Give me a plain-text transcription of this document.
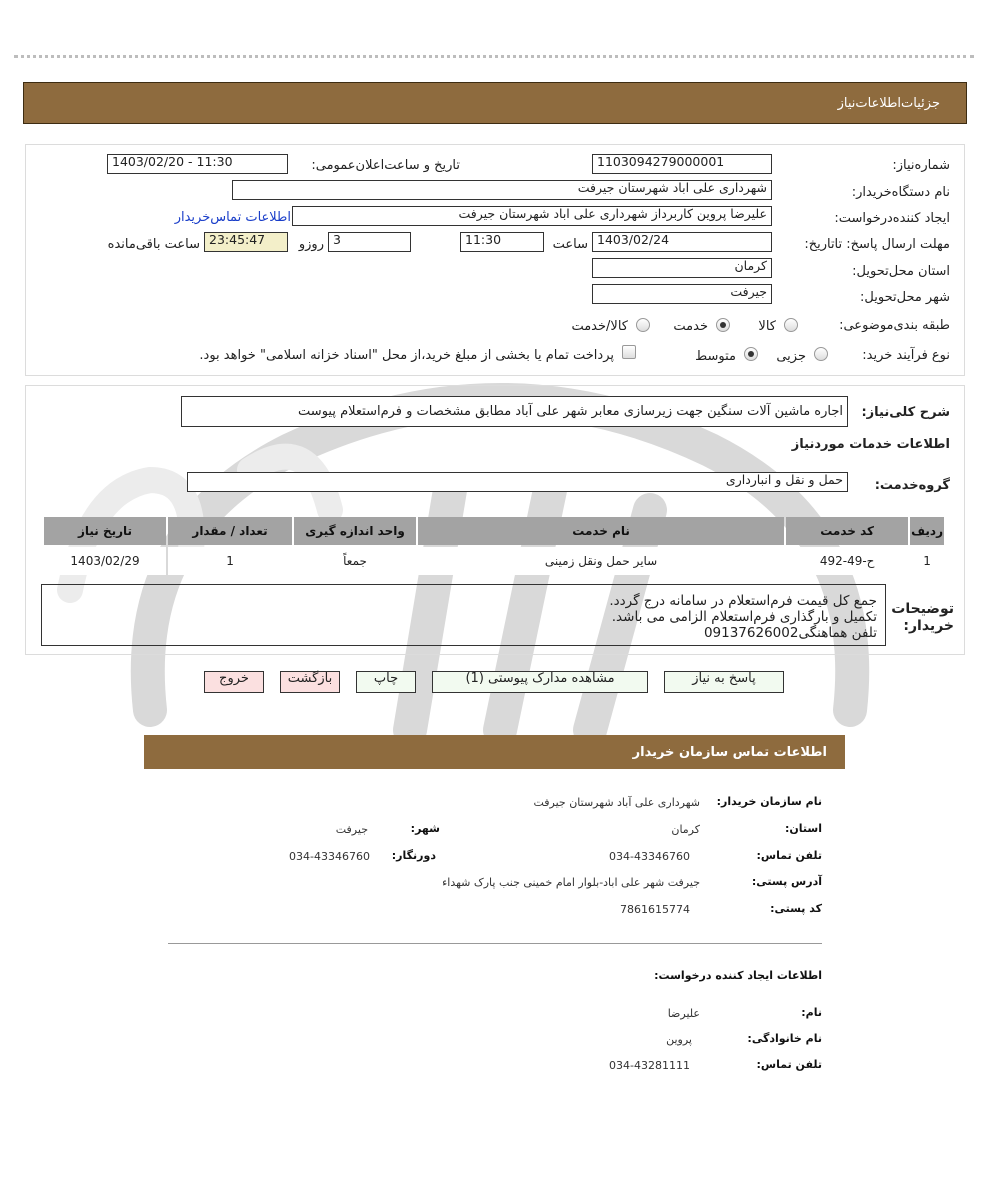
جزئیات‌اطلاعات‌نیاز
شماره‌نیاز:
1103094279000001
تاریخ و ساعت‌اعلان‌عمومی:
1403/02/20 - 11:30
نام دستگاه‌خریدار:
شهرداری علی اباد شهرستان جیرفت
ایجاد کننده‌درخواست:
علیرضا پروین کاربرداز شهرداری علی اباد شهرستان جیرفت
اطلاعات تماس‌خریدار
مهلت ارسال پاسخ: تاتاریخ:
1403/02/24
ساعت
11:30
3
روزو
23:45:47
ساعت باقی‌مانده
استان محل‌تحویل:
کرمان
شهر محل‌تحویل:
جیرفت
طبقه بندی‌موضوعی:
کالا
خدمت
کالا/خدمت
نوع فرآیند خرید:
جزیی
متوسط
پرداخت تمام یا بخشی از مبلغ خرید،از محل "اسناد خزانه اسلامی" خواهد بود.
شرح کلی‌نیاز:
اجاره ماشین آلات سنگین جهت زیرسازی معابر شهر علی آباد مطابق مشخصات و فرم‌استعلام پیوست
اطلاعات خدمات مورد‌نیاز
گروه‌خدمت:
حمل و نقل و انبارداری
ردیف	کد خدمت	نام خدمت	واحد اندازه گیری	تعداد / مقدار	تاریخ نیاز
1	ح-49-492	سایر حمل ونقل زمینی	جمعاً	1	1403/02/29
توضیحات
خریدار:
جمع کل قیمت فرم‌استعلام در سامانه درج گردد.
تکمیل و بارگذاری فرم‌استعلام الزامی می باشد.
تلفن هماهنگی09137626002
پاسخ به نیاز
مشاهده مدارک پیوستی (1)
چاپ
بازگشت
خروج
اطلاعات تماس سازمان خریدار
نام سازمان خریدار:
شهرداری علی آباد شهرستان جیرفت
استان:
کرمان
شهر:
جیرفت
تلفن تماس:
034-43346760
دورنگار:
034-43346760
آدرس پستی:
جیرفت شهر علی اباد-بلوار امام خمینی جنب پارک شهداء
کد پستی:
7861615774
اطلاعات ایجاد کننده درخواست:
نام:
علیرضا
نام خانوادگی:
پروین
تلفن تماس:
034-43281111
